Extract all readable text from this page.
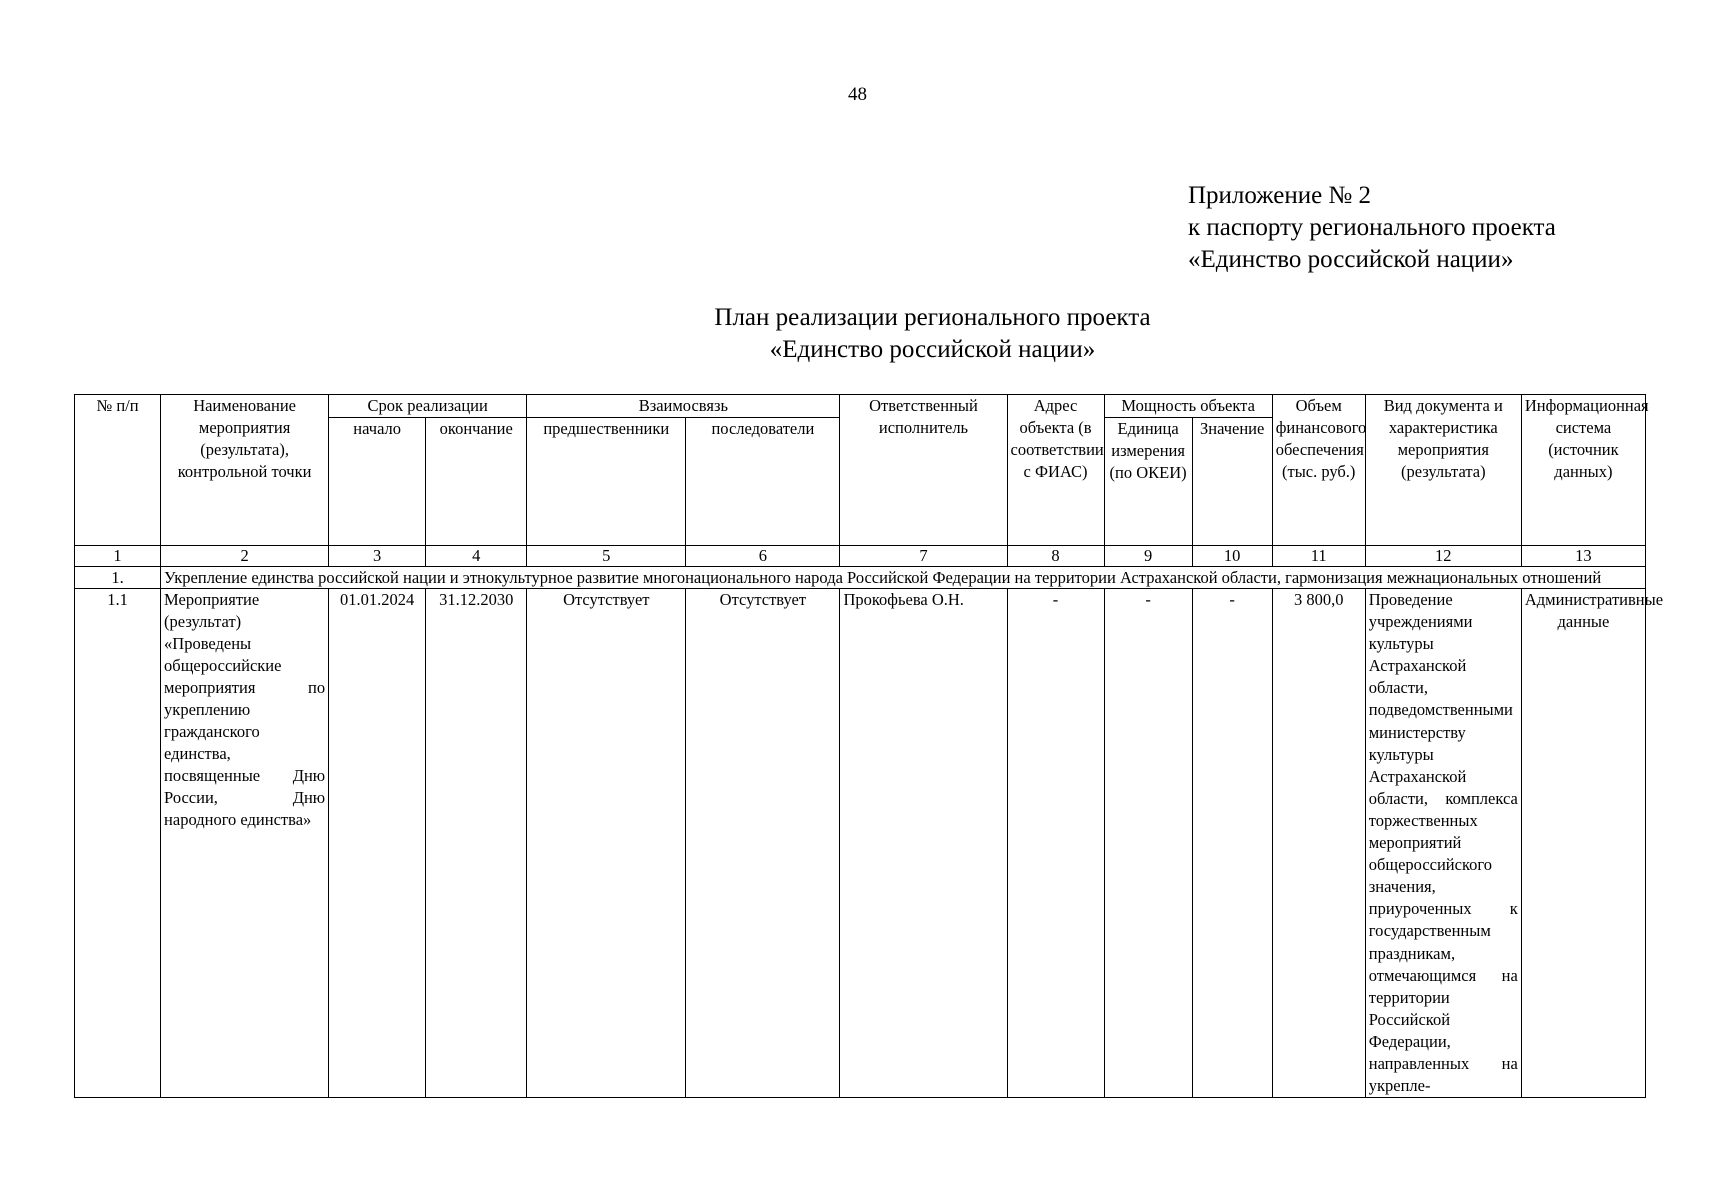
48
Приложение № 2
к паспорту регионального проекта
«Единство российской нации»
План реализации регионального проекта
«Единство российской нации»
№ п/п	Наименование мероприятия (результата), контрольной точки	Срок реализации		Взаимосвязь		Ответственный исполнитель	Адрес объекта (в соответствии с ФИАС)	Мощность объекта		Объем финансового обеспечения (тыс. руб.)	Вид документа и характеристика мероприятия (результата)	Информационная система (источник данных)
		начало	окончание	предшественники	последователи			Единица измерения (по ОКЕИ)	Значение			
1	2	3	4	5	6	7	8	9	10	11	12	13
1.	Укрепление единства российской нации и этнокультурное развитие многонационального народа Российской Федерации на территории Астраханской области, гармонизация межнациональных отношений											
1.1	Мероприятие (результат) «Проведены общероссийские мероприятия по укреплению гражданского единства, посвященные Дню России, Дню народного единства»	01.01.2024	31.12.2030	Отсутствует	Отсутствует	Прокофьева О.Н.	-	-	-	3 800,0	Проведение учреждениями культуры Астраханской области, подведомственными министерству культуры Астраханской области, комплекса торжественных мероприятий общероссийского значения, приуроченных к государственным праздникам, отмечающимся на территории Российской Федерации, направленных на укрепле-	Административные данные
